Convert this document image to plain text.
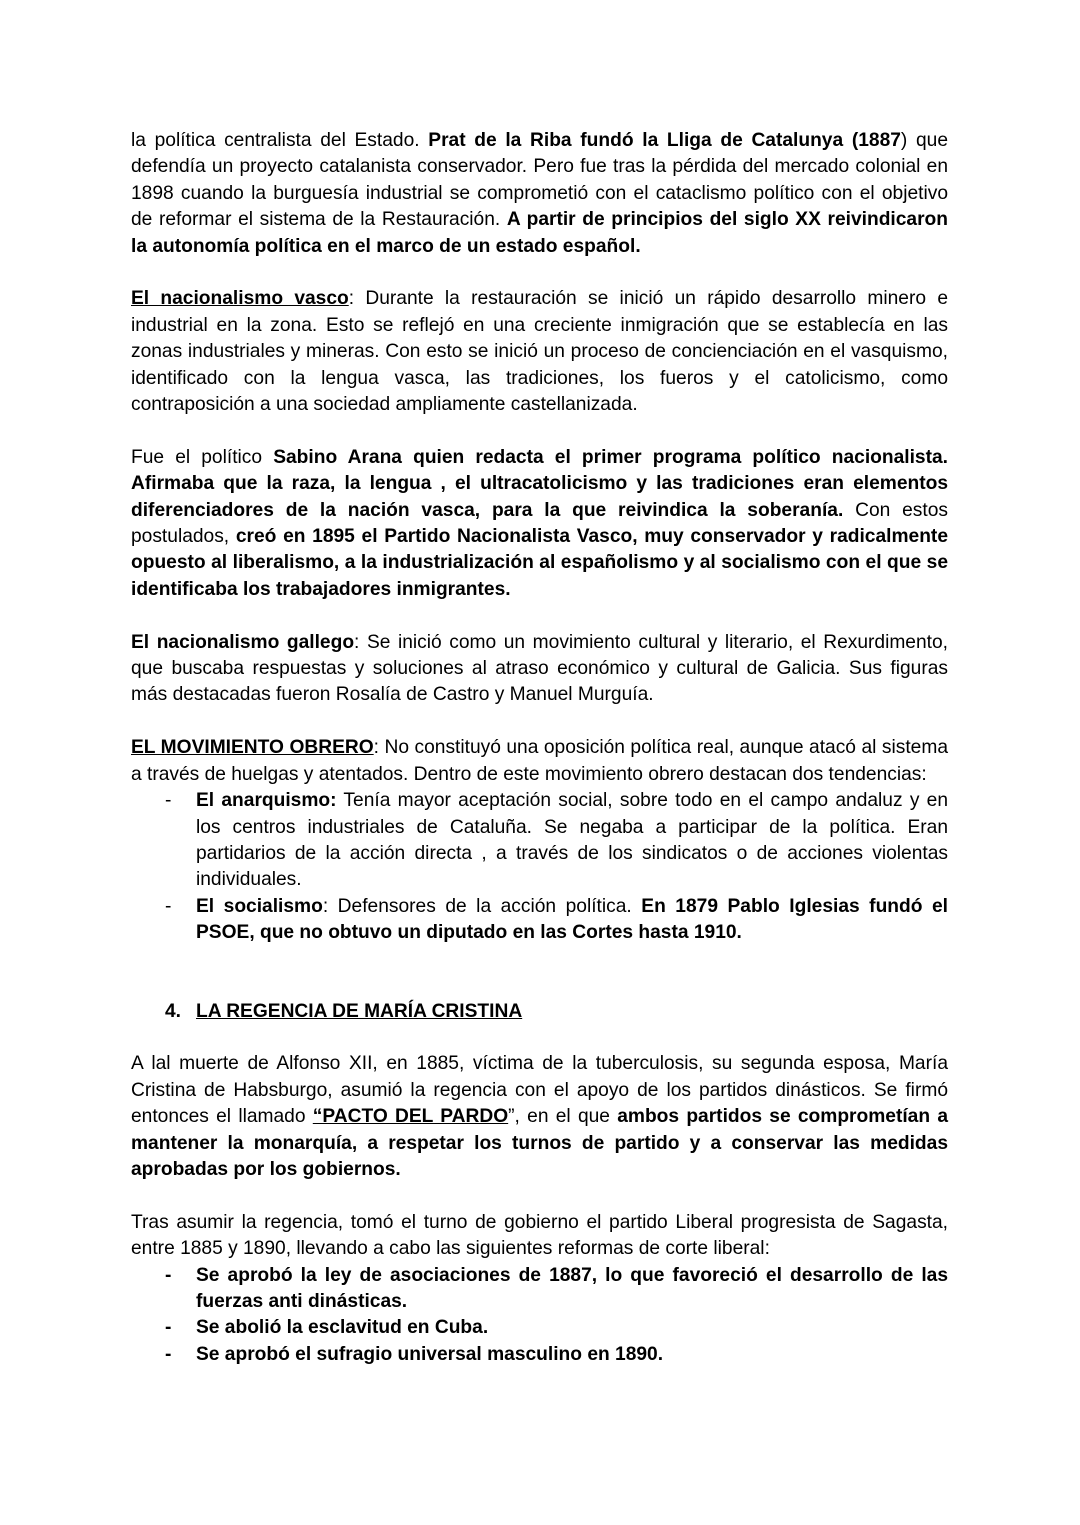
la política centralista del Estado. Prat de la Riba fundó la Lliga de Catalunya (1887) que defendía un proyecto catalanista conservador. Pero fue tras la pérdida del mercado colonial en 1898 cuando la burguesía industrial se comprometió con el cataclismo político con el objetivo de reformar el sistema de la Restauración. A partir de principios del siglo XX reivindicaron la autonomía política en el marco de un estado español.

El nacionalismo vasco: Durante la restauración se inició un rápido desarrollo minero e industrial en la zona. Esto se reflejó en una creciente inmigración que se establecía en las zonas industriales y mineras. Con esto se inició un proceso de concienciación en el vasquismo, identificado con la lengua vasca, las tradiciones, los fueros y el catolicismo, como contraposición a una sociedad ampliamente castellanizada.

Fue el político Sabino Arana quien redacta el primer programa político nacionalista. Afirmaba que la raza, la lengua , el ultracatolicismo y las tradiciones eran elementos diferenciadores de la nación vasca, para la que reivindica la soberanía. Con estos postulados, creó en 1895 el Partido Nacionalista Vasco, muy conservador y radicalmente opuesto al liberalismo, a la industrialización al españolismo y al socialismo con el que se identificaba los trabajadores inmigrantes.

El nacionalismo gallego: Se inició como un movimiento cultural y literario, el Rexurdimento, que buscaba respuestas y soluciones al atraso económico y cultural de Galicia. Sus figuras más destacadas fueron Rosalía de Castro y Manuel Murguía.

EL MOVIMIENTO OBRERO: No constituyó una oposición política real, aunque atacó al sistema a través de huelgas y atentados. Dentro de este movimiento obrero destacan dos tendencias:

- El anarquismo: Tenía mayor aceptación social, sobre todo en el campo andaluz y en los centros industriales de Cataluña. Se negaba a participar de la política. Eran partidarios de la acción directa , a través de los sindicatos o de acciones violentas individuales.
- El socialismo: Defensores de la acción política. En 1879 Pablo Iglesias fundó el PSOE, que no obtuvo un diputado en las Cortes hasta 1910.
4. LA REGENCIA DE MARÍA CRISTINA

A lal muerte de Alfonso XII, en 1885, víctima de la tuberculosis, su segunda esposa, María Cristina de Habsburgo, asumió la regencia con el apoyo de los partidos dinásticos. Se firmó entonces el llamado “PACTO DEL PARDO”, en el que ambos partidos se comprometían a mantener la monarquía, a respetar los turnos de partido y a conservar las medidas aprobadas por los gobiernos.

Tras asumir la regencia, tomó el turno de gobierno el partido Liberal progresista de Sagasta, entre 1885 y 1890, llevando a cabo las siguientes reformas de corte liberal:

- Se aprobó la ley de asociaciones de 1887, lo que favoreció el desarrollo de las fuerzas anti dinásticas.
- Se abolió la esclavitud en Cuba.
- Se aprobó el sufragio universal masculino en 1890.
